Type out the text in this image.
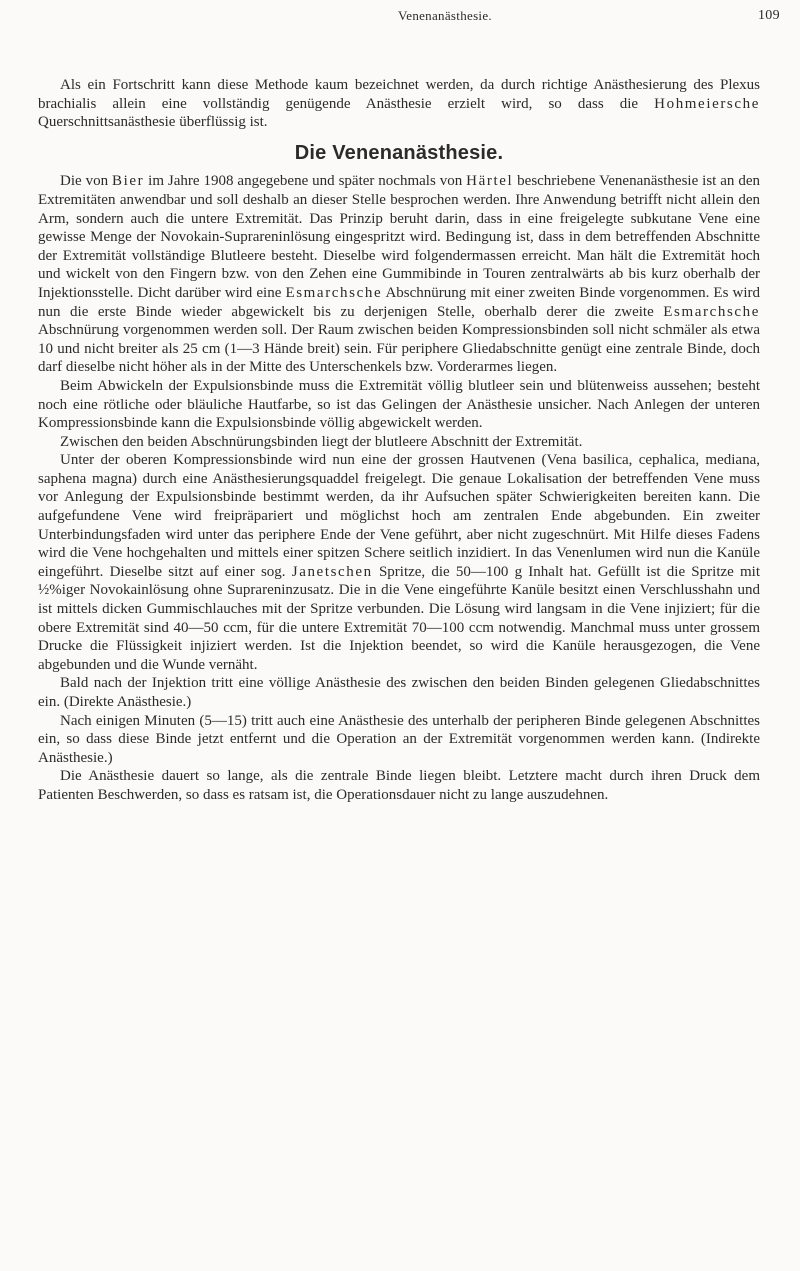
Venenanästhesie.	109

Als ein Fortschritt kann diese Methode kaum bezeichnet werden, da durch richtige Anästhesierung des Plexus brachialis allein eine vollständig genügende Anästhesie erzielt wird, so dass die Hohmeiersche Querschnittsanästhesie überflüssig ist.

Die Venenanästhesie.

Die von Bier im Jahre 1908 angegebene und später nochmals von Härtel beschriebene Venenanästhesie ist an den Extremitäten anwendbar und soll deshalb an dieser Stelle besprochen werden. Ihre Anwendung betrifft nicht allein den Arm, sondern auch die untere Extremität. Das Prinzip beruht darin, dass in eine freigelegte subkutane Vene eine gewisse Menge der Novokain-Suprareninlösung eingespritzt wird. Bedingung ist, dass in dem betreffenden Abschnitte der Extremität vollständige Blutleere besteht. Dieselbe wird folgendermassen erreicht. Man hält die Extremität hoch und wickelt von den Fingern bzw. von den Zehen eine Gummibinde in Touren zentralwärts ab bis kurz oberhalb der Injektionsstelle. Dicht darüber wird eine Esmarchsche Abschnürung mit einer zweiten Binde vorgenommen. Es wird nun die erste Binde wieder abgewickelt bis zu derjenigen Stelle, oberhalb derer die zweite Esmarchsche Abschnürung vorgenommen werden soll. Der Raum zwischen beiden Kompressionsbinden soll nicht schmäler als etwa 10 und nicht breiter als 25 cm (1—3 Hände breit) sein. Für periphere Gliedabschnitte genügt eine zentrale Binde, doch darf dieselbe nicht höher als in der Mitte des Unterschenkels bzw. Vorderarmes liegen.

Beim Abwickeln der Expulsionsbinde muss die Extremität völlig blutleer sein und blütenweiss aussehen; besteht noch eine rötliche oder bläuliche Hautfarbe, so ist das Gelingen der Anästhesie unsicher. Nach Anlegen der unteren Kompressionsbinde kann die Expulsionsbinde völlig abgewickelt werden.

Zwischen den beiden Abschnürungsbinden liegt der blutleere Abschnitt der Extremität.

Unter der oberen Kompressionsbinde wird nun eine der grossen Hautvenen (Vena basilica, cephalica, mediana, saphena magna) durch eine Anästhesierungsquaddel freigelegt. Die genaue Lokalisation der betreffenden Vene muss vor Anlegung der Expulsionsbinde bestimmt werden, da ihr Aufsuchen später Schwierigkeiten bereiten kann. Die aufgefundene Vene wird freipräpariert und möglichst hoch am zentralen Ende abgebunden. Ein zweiter Unterbindungsfaden wird unter das periphere Ende der Vene geführt, aber nicht zugeschnürt. Mit Hilfe dieses Fadens wird die Vene hochgehalten und mittels einer spitzen Schere seitlich inzidiert. In das Venenlumen wird nun die Kanüle eingeführt. Dieselbe sitzt auf einer sog. Janetschen Spritze, die 50—100 g Inhalt hat. Gefüllt ist die Spritze mit ½%iger Novokainlösung ohne Suprareninzusatz. Die in die Vene eingeführte Kanüle besitzt einen Verschlusshahn und ist mittels dicken Gummischlauches mit der Spritze verbunden. Die Lösung wird langsam in die Vene injiziert; für die obere Extremität sind 40—50 ccm, für die untere Extremität 70—100 ccm notwendig. Manchmal muss unter grossem Drucke die Flüssigkeit injiziert werden. Ist die Injektion beendet, so wird die Kanüle herausgezogen, die Vene abgebunden und die Wunde vernäht.

Bald nach der Injektion tritt eine völlige Anästhesie des zwischen den beiden Binden gelegenen Gliedabschnittes ein. (Direkte Anästhesie.)

Nach einigen Minuten (5—15) tritt auch eine Anästhesie des unterhalb der peripheren Binde gelegenen Abschnittes ein, so dass diese Binde jetzt entfernt und die Operation an der Extremität vorgenommen werden kann. (Indirekte Anästhesie.)

Die Anästhesie dauert so lange, als die zentrale Binde liegen bleibt. Letztere macht durch ihren Druck dem Patienten Beschwerden, so dass es ratsam ist, die Operationsdauer nicht zu lange auszudehnen.
